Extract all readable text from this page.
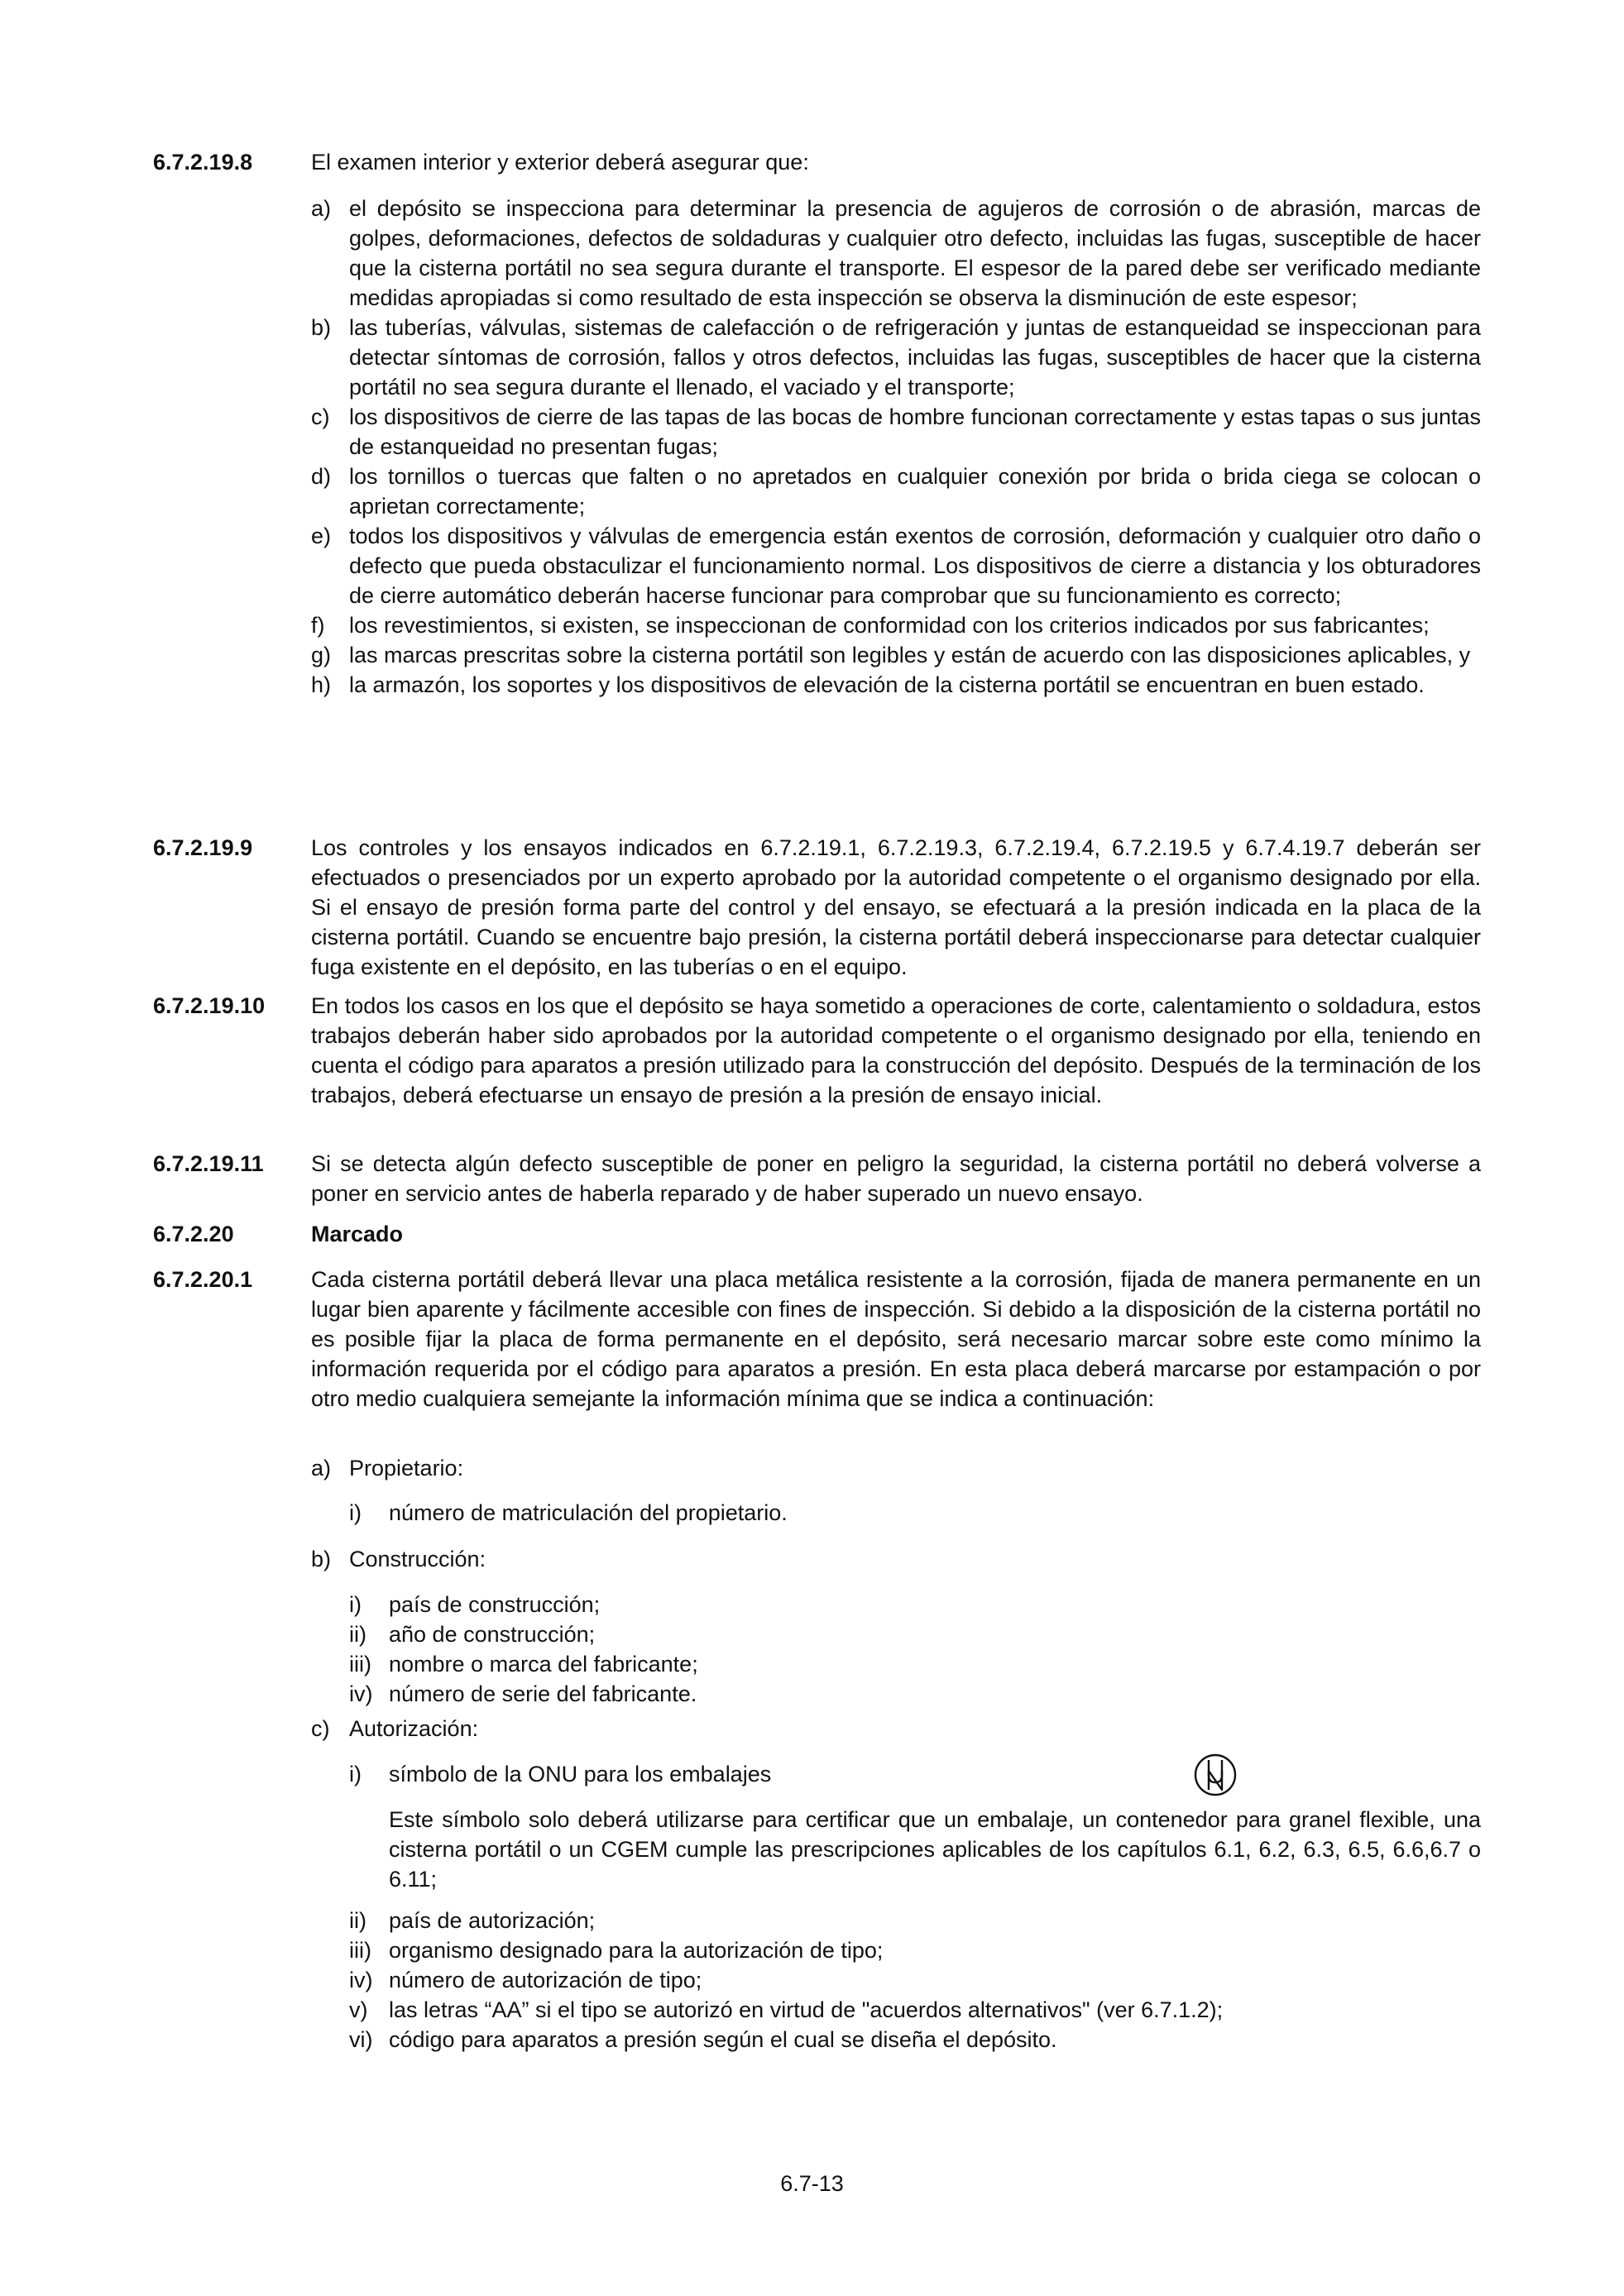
6.7.2.19.8	El examen interior y exterior deberá asegurar que:
a) el depósito se inspecciona para determinar la presencia de agujeros de corrosión o de abrasión, marcas de golpes, deformaciones, defectos de soldaduras y cualquier otro defecto, incluidas las fugas, susceptible de hacer que la cisterna portátil no sea segura durante el transporte. El espesor de la pared debe ser verificado mediante medidas apropiadas si como resultado de esta inspección se observa la disminución de este espesor;
b) las tuberías, válvulas, sistemas de calefacción o de refrigeración y juntas de estanqueidad se inspeccionan para detectar síntomas de corrosión, fallos y otros defectos, incluidas las fugas, susceptibles de hacer que la cisterna portátil no sea segura durante el llenado, el vaciado y el transporte;
c) los dispositivos de cierre de las tapas de las bocas de hombre funcionan correctamente y estas tapas o sus juntas de estanqueidad no presentan fugas;
d) los tornillos o tuercas que falten o no apretados en cualquier conexión por brida o brida ciega se colocan o aprietan correctamente;
e) todos los dispositivos y válvulas de emergencia están exentos de corrosión, deformación y cualquier otro daño o defecto que pueda obstaculizar el funcionamiento normal. Los dispositivos de cierre a distancia y los obturadores de cierre automático deberán hacerse funcionar para comprobar que su funcionamiento es correcto;
f) los revestimientos, si existen, se inspeccionan de conformidad con los criterios indicados por sus fabricantes;
g) las marcas prescritas sobre la cisterna portátil son legibles y están de acuerdo con las disposiciones aplicables, y
h) la armazón, los soportes y los dispositivos de elevación de la cisterna portátil se encuentran en buen estado.
6.7.2.19.9	Los controles y los ensayos indicados en 6.7.2.19.1, 6.7.2.19.3, 6.7.2.19.4, 6.7.2.19.5 y 6.7.4.19.7 deberán ser efectuados o presenciados por un experto aprobado por la autoridad competente o el organismo designado por ella. Si el ensayo de presión forma parte del control y del ensayo, se efectuará a la presión indicada en la placa de la cisterna portátil. Cuando se encuentre bajo presión, la cisterna portátil deberá inspeccionarse para detectar cualquier fuga existente en el depósito, en las tuberías o en el equipo.
6.7.2.19.10 En todos los casos en los que el depósito se haya sometido a operaciones de corte, calentamiento o soldadura, estos trabajos deberán haber sido aprobados por la autoridad competente o el organismo designado por ella, teniendo en cuenta el código para aparatos a presión utilizado para la construcción del depósito. Después de la terminación de los trabajos, deberá efectuarse un ensayo de presión a la presión de ensayo inicial.
6.7.2.19.11 Si se detecta algún defecto susceptible de poner en peligro la seguridad, la cisterna portátil no deberá volverse a poner en servicio antes de haberla reparado y de haber superado un nuevo ensayo.
6.7.2.20	Marcado
6.7.2.20.1	Cada cisterna portátil deberá llevar una placa metálica resistente a la corrosión, fijada de manera permanente en un lugar bien aparente y fácilmente accesible con fines de inspección. Si debido a la disposición de la cisterna portátil no es posible fijar la placa de forma permanente en el depósito, será necesario marcar sobre este como mínimo la información requerida por el código para aparatos a presión. En esta placa deberá marcarse por estampación o por otro medio cualquiera semejante la información mínima que se indica a continuación:
a) Propietario:
i) número de matriculación del propietario.
b) Construcción:
i) país de construcción;
ii) año de construcción;
iii) nombre o marca del fabricante;
iv) número de serie del fabricante.
c) Autorización:
i) símbolo de la ONU para los embalajes
Este símbolo solo deberá utilizarse para certificar que un embalaje, un contenedor para granel flexible, una cisterna portátil o un CGEM cumple las prescripciones aplicables de los capítulos 6.1, 6.2, 6.3, 6.5, 6.6,6.7 o 6.11;
ii) país de autorización;
iii) organismo designado para la autorización de tipo;
iv) número de autorización de tipo;
v) las letras “AA” si el tipo se autorizó en virtud de "acuerdos alternativos" (ver 6.7.1.2);
vi) código para aparatos a presión según el cual se diseña el depósito.
6.7-13
